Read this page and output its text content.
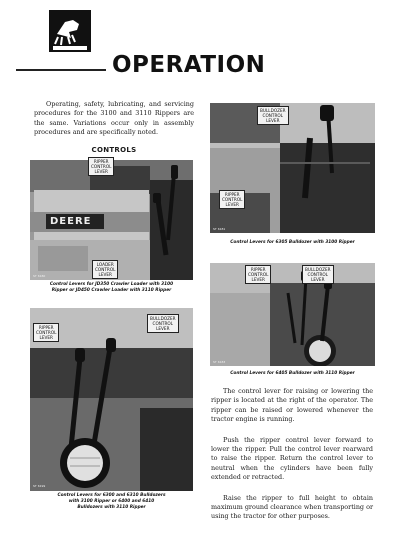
OPERATION

Operating, safety, lubricating, and servicing procedures for the 3100 and 3110 Rippers are the same. Variations occur only in assembly procedures and are specifically noted.

CONTROLS
DEERE
ST 6180
RIPPER
CONTROL
LEVER
LOADER
CONTROL
LEVER
Control Levers for JD350 Crawler Loader with 3100
Ripper or JD450 Crawler Loader with 3110 Ripper
ST 6181
BULLDOZER
CONTROL
LEVER
RIPPER
CONTROL
LEVER
Control Levers for 6305 Bulldozer with 3100 Ripper
ST 6183
RIPPER
CONTROL
LEVER
BULLDOZER
CONTROL
LEVER
Control Levers for 6405 Bulldozer with 3110 Ripper
ST 6199
RIPPER
CONTROL
LEVER
BULLDOZER
CONTROL
LEVER
Control Levers for 6300 and 6310 Bulldozers
with 3100 Ripper or 6400 and 6410
Bulldozers with 3110 Ripper

The control lever for raising or lowering the ripper is located at the right of the operator. The ripper can be raised or lowered whenever the tractor engine is running.

Push the ripper control lever forward to lower the ripper. Pull the control lever rearward to raise the ripper. Return the control lever to neutral when the cylinders have been fully extended or retracted.

Raise the ripper to full height to obtain maximum ground clearance when transporting or using the tractor for other purposes.
